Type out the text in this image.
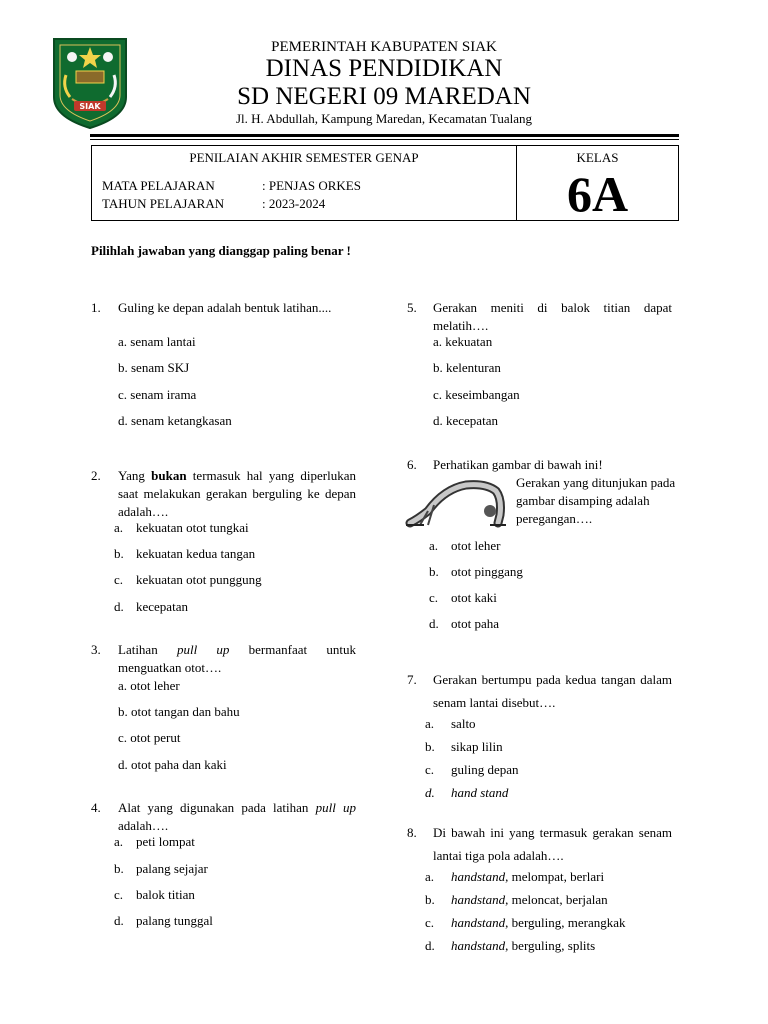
SIAK
PEMERINTAH KABUPATEN SIAK
DINAS PENDIDIKAN
SD NEGERI 09 MAREDAN
Jl. H. Abdullah, Kampung Maredan, Kecamatan Tualang
PENILAIAN AKHIR SEMESTER GENAP
MATA PELAJARAN	: PENJAS ORKES
TAHUN PELAJARAN	: 2023-2024
KELAS
6A
Pilihlah jawaban yang dianggap paling benar !
1. Guling ke depan adalah bentuk latihan....
a. senam lantai
b. senam SKJ
c. senam irama
d. senam ketangkasan
2. Yang bukan termasuk hal yang diperlukan saat melakukan gerakan berguling ke depan adalah….
a. kekuatan otot tungkai
b. kekuatan kedua tangan
c. kekuatan otot punggung
d. kecepatan
3. Latihan pull up bermanfaat untuk menguatkan otot….
a. otot leher
b. otot tangan dan bahu
c. otot perut
d. otot paha dan kaki
4. Alat yang digunakan pada latihan pull up adalah….
a. peti lompat
b. palang sejajar
c. balok titian
d. palang tunggal
5. Gerakan meniti di balok titian dapat melatih….
a. kekuatan
b. kelenturan
c. keseimbangan
d. kecepatan
6. Perhatikan gambar di bawah ini!
Gerakan yang ditunjukan pada gambar disamping adalah peregangan….
a. otot leher
b. otot pinggang
c. otot kaki
d. otot paha
7. Gerakan bertumpu pada kedua tangan dalam senam lantai disebut….
a. salto
b. sikap lilin
c. guling depan
d. hand stand
8. Di bawah ini yang termasuk gerakan senam lantai tiga pola adalah….
a. handstand, melompat, berlari
b. handstand, meloncat, berjalan
c. handstand, berguling, merangkak
d. handstand, berguling, splits
